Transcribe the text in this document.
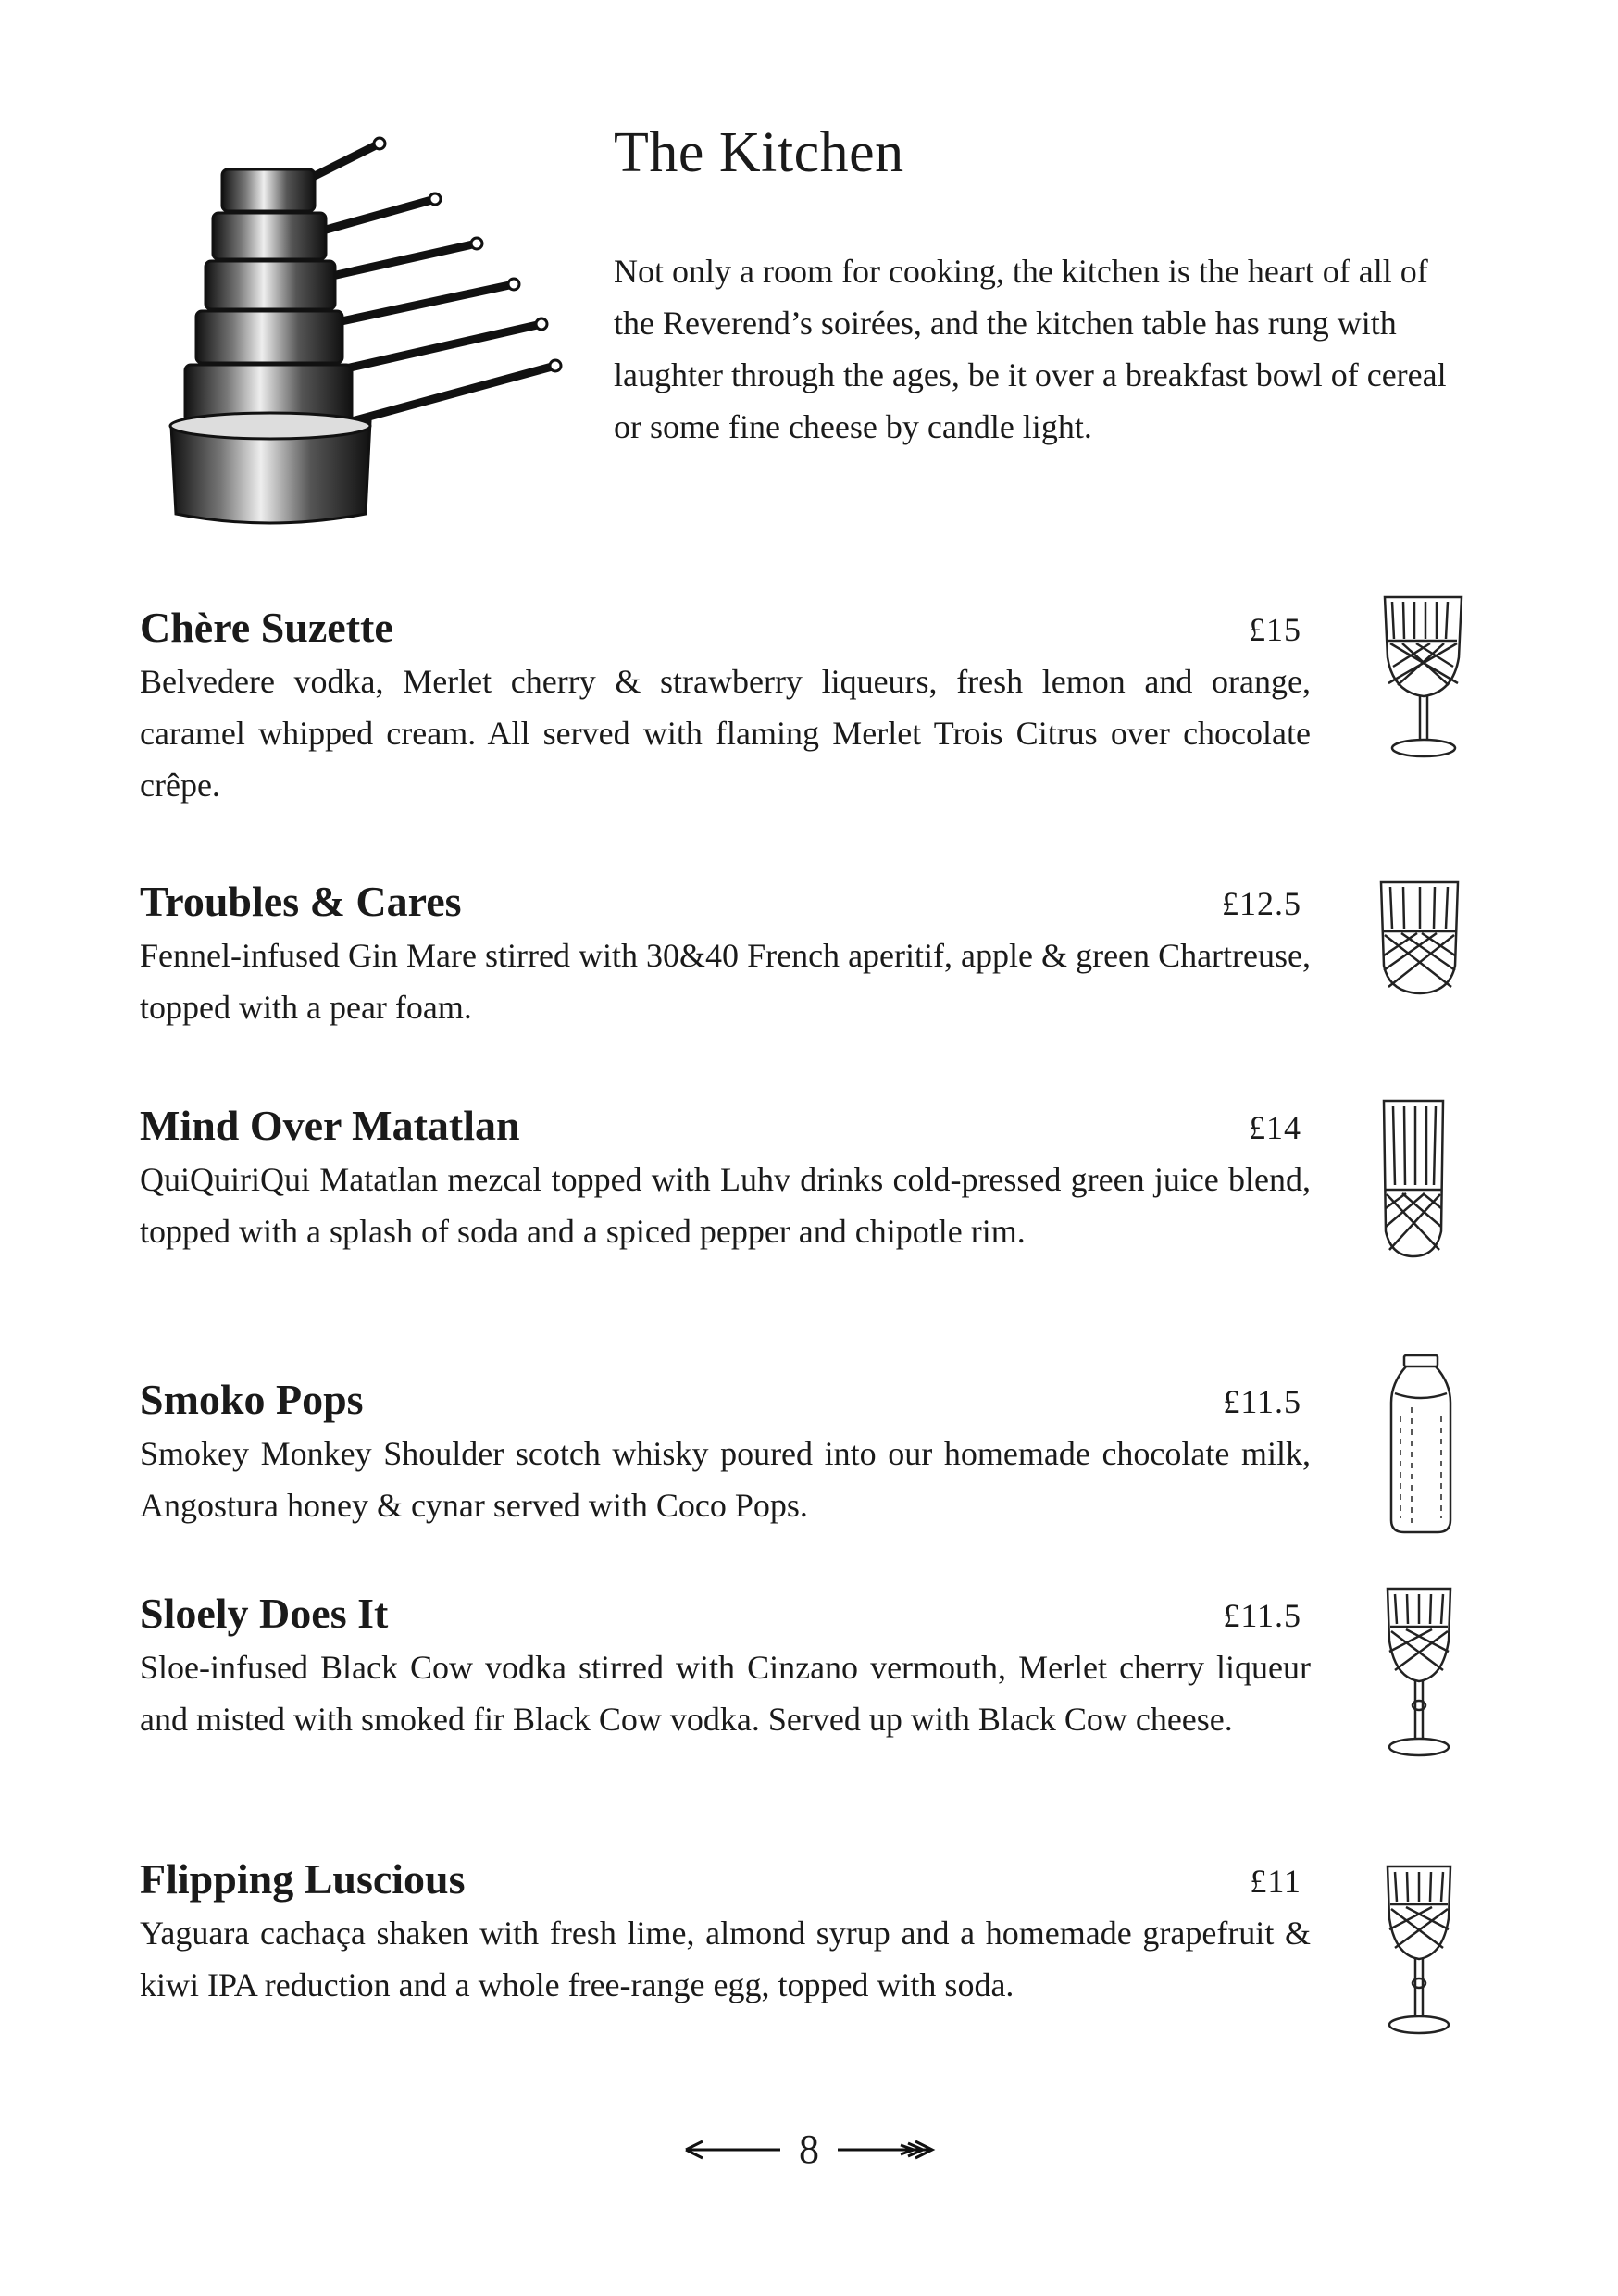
The Kitchen

Not only a room for cooking, the kitchen is the heart of all of the Reverend’s soirées, and the kitchen table has rung with laughter through the ages, be it over a breakfast bowl of cereal or some fine cheese by candle light.

Chère Suzette	£15

Belvedere vodka, Merlet cherry & strawberry liqueurs, fresh lemon and orange, caramel whipped cream. All served with flaming Merlet Trois Citrus over chocolate crêpe.

Troubles & Cares	£12.5

Fennel-infused Gin Mare stirred with 30&40 French aperitif, apple & green Chartreuse, topped with a pear foam.

Mind Over Matatlan	£14

QuiQuiriQui Matatlan mezcal topped with Luhv drinks cold-pressed green juice blend, topped with a splash of soda and a spiced pepper and chipotle rim.

Smoko Pops	£11.5

Smokey Monkey Shoulder scotch whisky poured into our homemade chocolate milk, Angostura honey & cynar served with Coco Pops.

Sloely Does It	£11.5

Sloe-infused Black Cow vodka stirred with Cinzano vermouth, Merlet cherry liqueur and misted with smoked fir Black Cow vodka. Served up with Black Cow cheese.

Flipping Luscious	£11

Yaguara cachaça shaken with fresh lime, almond syrup and a homemade grapefruit & kiwi IPA reduction and a whole free-range egg, topped with soda.

8
